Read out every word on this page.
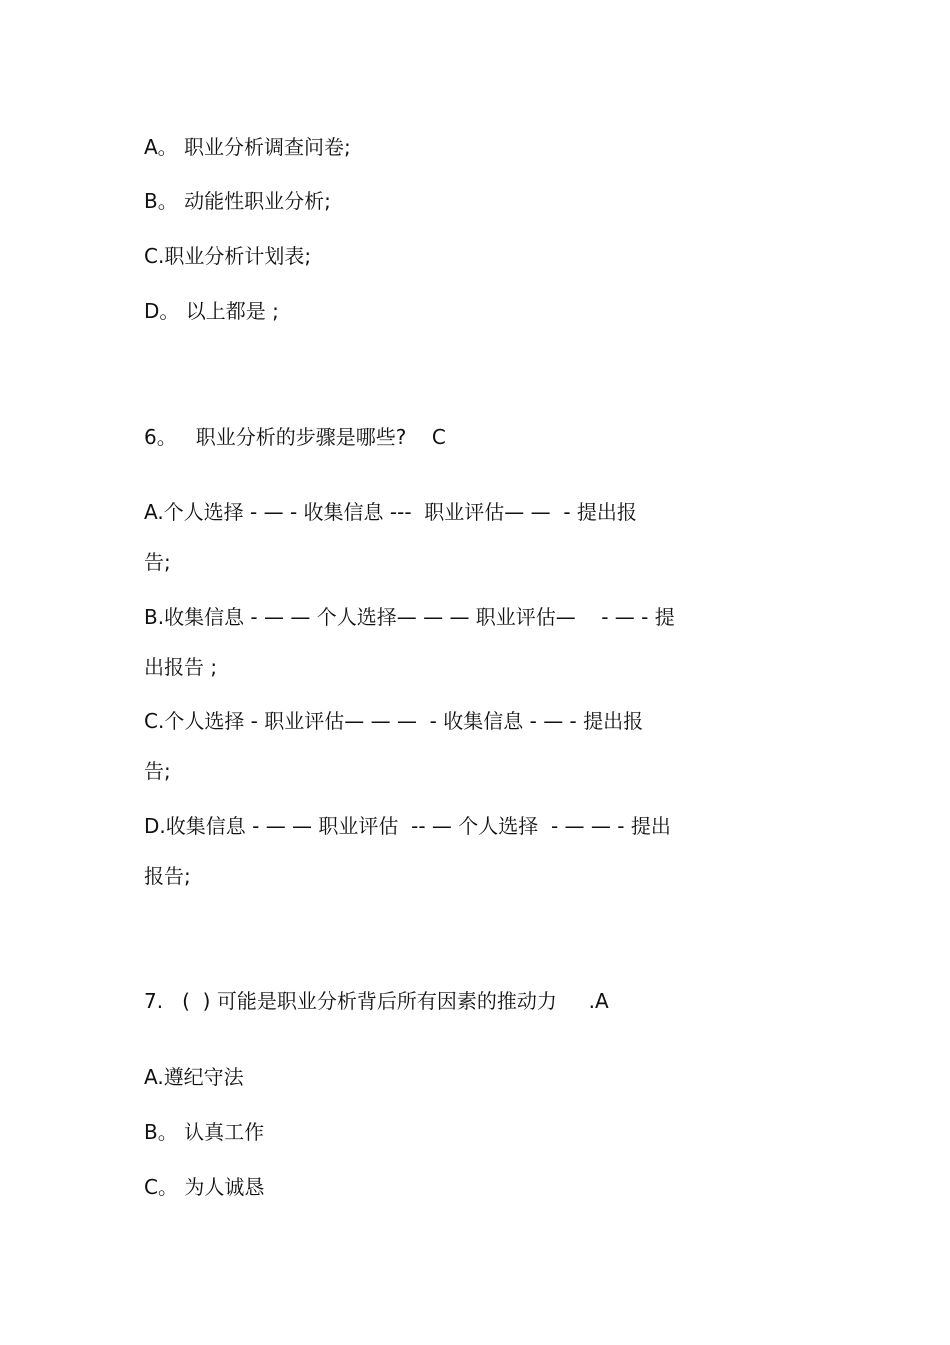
A。 职业分析调查问卷;
B。 动能性职业分析;
C.职业分析计划表;
D。 以上都是 ;
6。   职业分析的步骤是哪些?    C
A.个人选择 - — - 收集信息 ---  职业评估— —  - 提出报
告;
B.收集信息 - — — 个人选择— — — 职业评估—    - — - 提
出报告 ;
C.个人选择 - 职业评估— — —  - 收集信息 - — - 提出报
告;
D.收集信息 - — — 职业评估  -- — 个人选择  - — — - 提出
报告;
7.   (  ) 可能是职业分析背后所有因素的推动力     .A
A.遵纪守法
B。 认真工作
C。 为人诚恳
